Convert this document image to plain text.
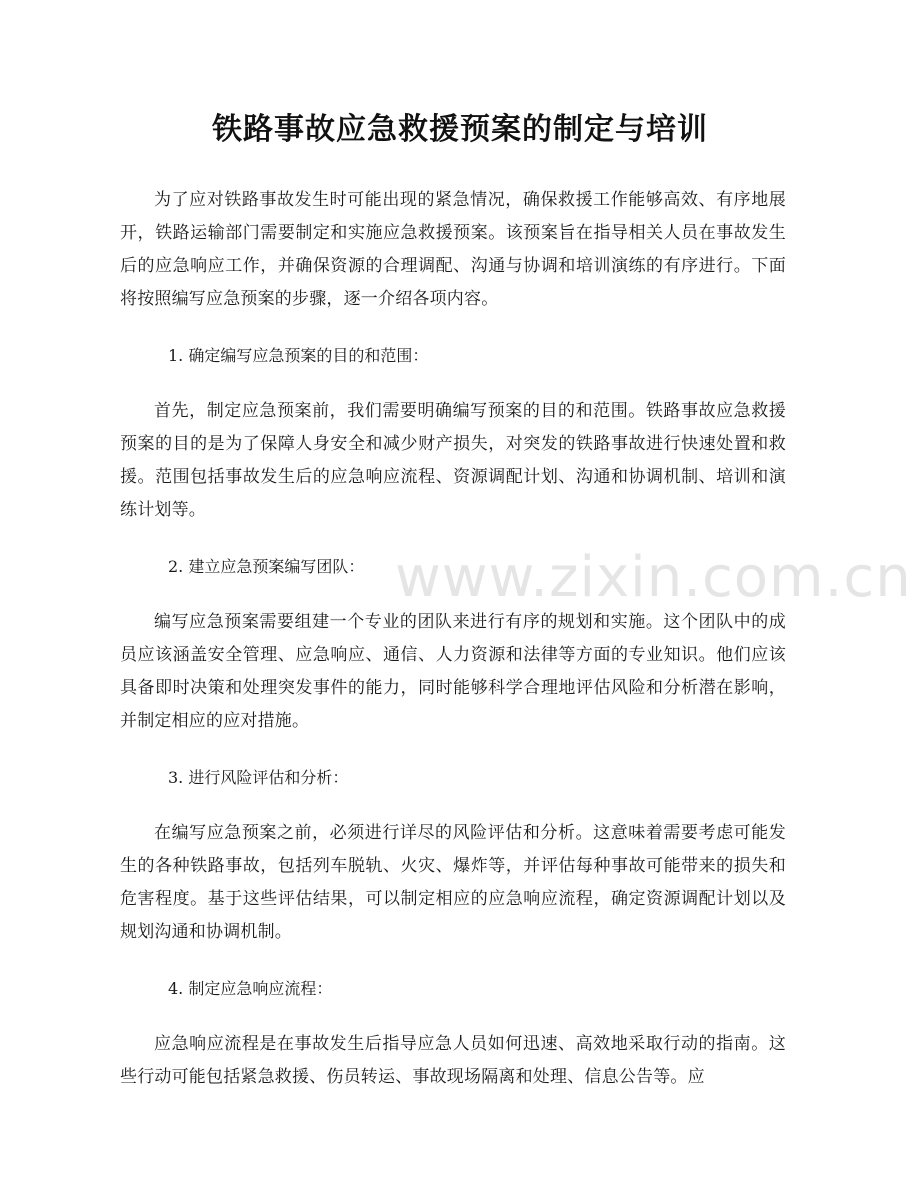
铁路事故应急救援预案的制定与培训

为了应对铁路事故发生时可能出现的紧急情况，确保救援工作能够高效、有序地展开，铁路运输部门需要制定和实施应急救援预案。该预案旨在指导相关人员在事故发生后的应急响应工作，并确保资源的合理调配、沟通与协调和培训演练的有序进行。下面将按照编写应急预案的步骤，逐一介绍各项内容。

1. 确定编写应急预案的目的和范围：

首先，制定应急预案前，我们需要明确编写预案的目的和范围。铁路事故应急救援预案的目的是为了保障人身安全和减少财产损失，对突发的铁路事故进行快速处置和救援。范围包括事故发生后的应急响应流程、资源调配计划、沟通和协调机制、培训和演练计划等。

2. 建立应急预案编写团队：

编写应急预案需要组建一个专业的团队来进行有序的规划和实施。这个团队中的成员应该涵盖安全管理、应急响应、通信、人力资源和法律等方面的专业知识。他们应该具备即时决策和处理突发事件的能力，同时能够科学合理地评估风险和分析潜在影响，并制定相应的应对措施。

3. 进行风险评估和分析：

在编写应急预案之前，必须进行详尽的风险评估和分析。这意味着需要考虑可能发生的各种铁路事故，包括列车脱轨、火灾、爆炸等，并评估每种事故可能带来的损失和危害程度。基于这些评估结果，可以制定相应的应急响应流程，确定资源调配计划以及规划沟通和协调机制。

4. 制定应急响应流程：

应急响应流程是在事故发生后指导应急人员如何迅速、高效地采取行动的指南。这些行动可能包括紧急救援、伤员转运、事故现场隔离和处理、信息公告等。应

www.zixin.com.cn
